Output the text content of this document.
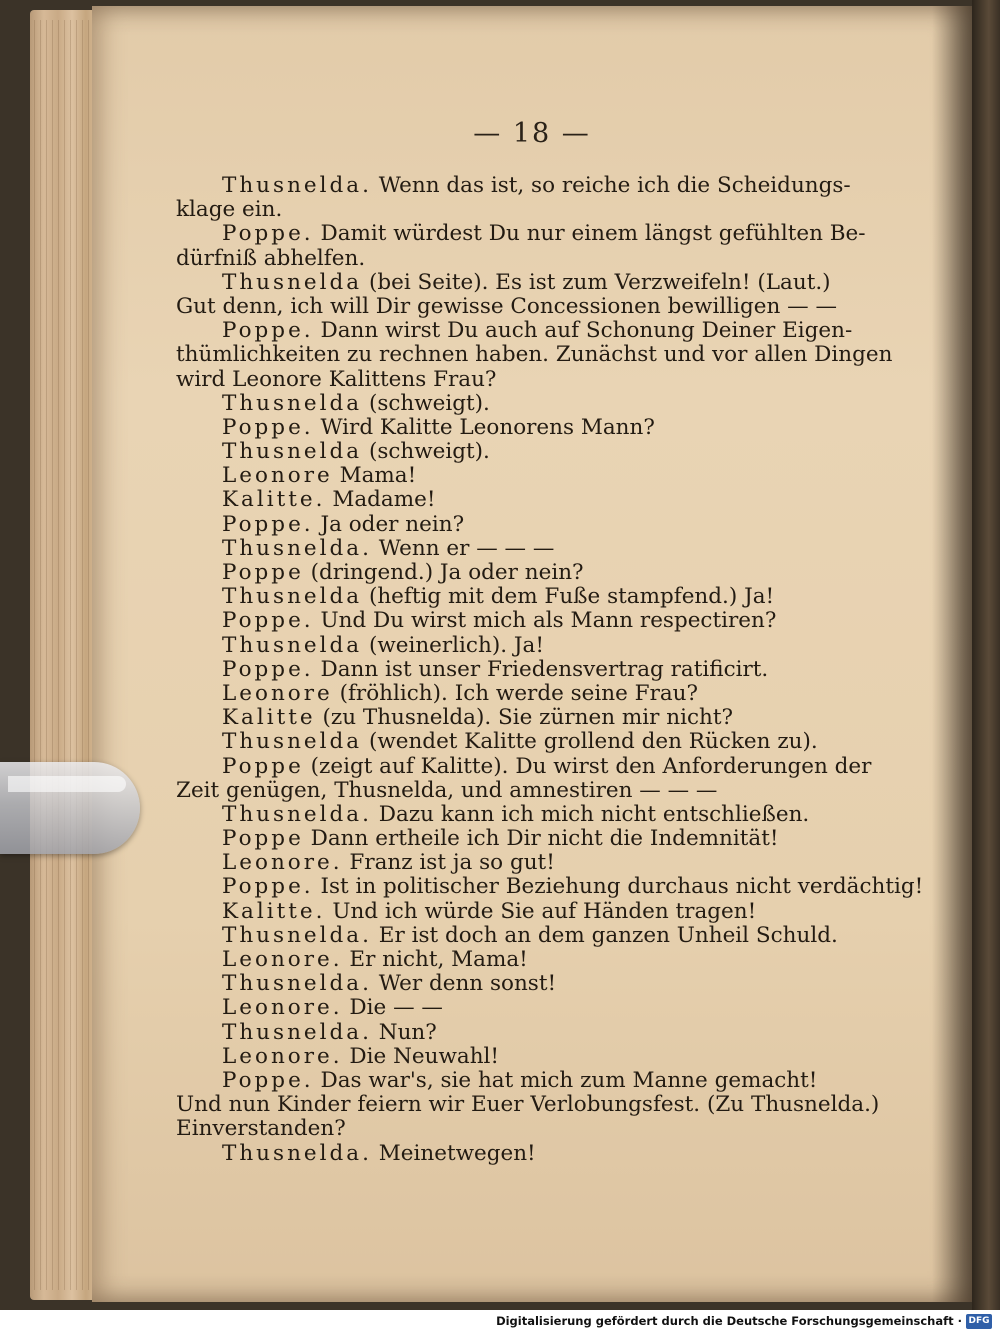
— 18 —
Thusnelda. Wenn das ist, so reiche ich die Scheidungs-
klage ein.
Poppe. Damit würdest Du nur einem längst gefühlten Be-
dürfniß abhelfen.
Thusnelda (bei Seite). Es ist zum Verzweifeln! (Laut.)
Gut denn, ich will Dir gewisse Concessionen bewilligen — —
Poppe. Dann wirst Du auch auf Schonung Deiner Eigen-
thümlichkeiten zu rechnen haben. Zunächst und vor allen Dingen
wird Leonore Kalittens Frau?
Thusnelda (schweigt).
Poppe. Wird Kalitte Leonorens Mann?
Thusnelda (schweigt).
Leonore Mama!
Kalitte. Madame!
Poppe. Ja oder nein?
Thusnelda. Wenn er — — —
Poppe (dringend.) Ja oder nein?
Thusnelda (heftig mit dem Fuße stampfend.) Ja!
Poppe. Und Du wirst mich als Mann respectiren?
Thusnelda (weinerlich). Ja!
Poppe. Dann ist unser Friedensvertrag ratificirt.
Leonore (fröhlich). Ich werde seine Frau?
Kalitte (zu Thusnelda). Sie zürnen mir nicht?
Thusnelda (wendet Kalitte grollend den Rücken zu).
Poppe (zeigt auf Kalitte). Du wirst den Anforderungen der
Zeit genügen, Thusnelda, und amnestiren — — —
Thusnelda. Dazu kann ich mich nicht entschließen.
Poppe Dann ertheile ich Dir nicht die Indemnität!
Leonore. Franz ist ja so gut!
Poppe. Ist in politischer Beziehung durchaus nicht verdächtig!
Kalitte. Und ich würde Sie auf Händen tragen!
Thusnelda. Er ist doch an dem ganzen Unheil Schuld.
Leonore. Er nicht, Mama!
Thusnelda. Wer denn sonst!
Leonore. Die — —
Thusnelda. Nun?
Leonore. Die Neuwahl!
Poppe. Das war's, sie hat mich zum Manne gemacht!
Und nun Kinder feiern wir Euer Verlobungsfest. (Zu Thusnelda.)
Einverstanden?
Thusnelda. Meinetwegen!
Digitalisierung gefördert durch die Deutsche Forschungsgemeinschaft · DFG
